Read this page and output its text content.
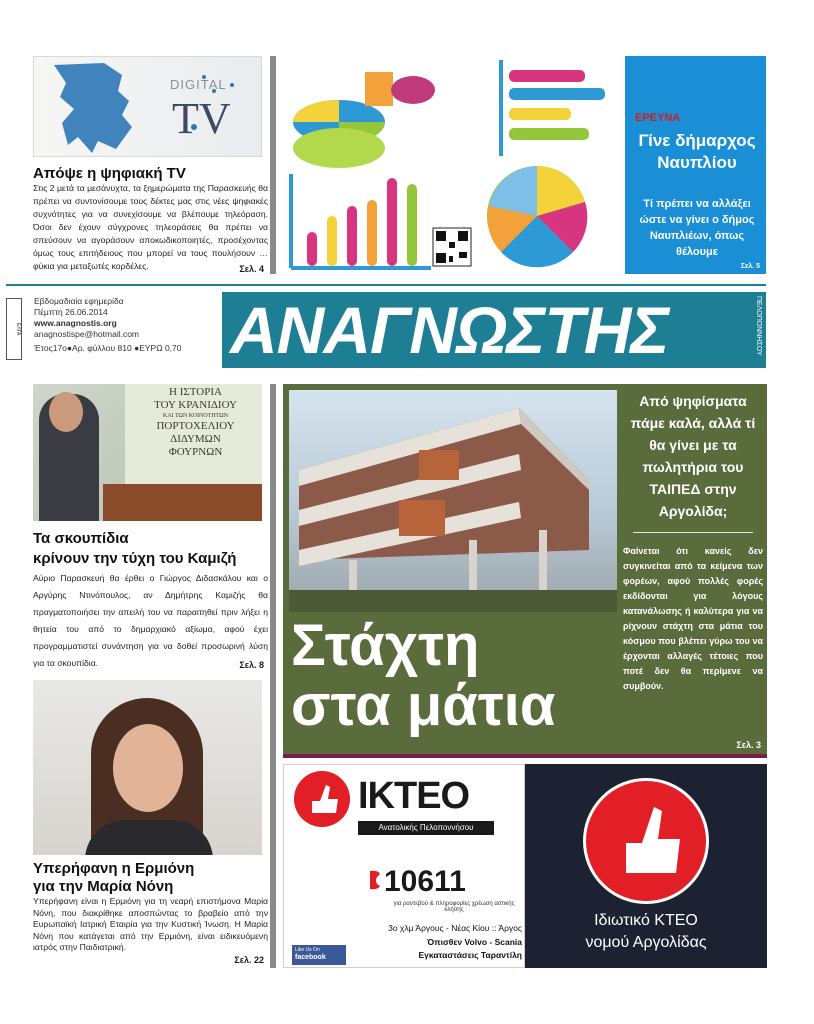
DIGITAL
TV
Απόψε η ψηφιακή TV
Στις 2 μετά τα μεσάνυχτα, τα ξημερώματα της Παρασκευής θα πρέπει να συντονίσουμε τους δέκτες μας στις νέες ψηφιακές συχνότητες για να συνεχίσουμε να βλέπουμε τηλεόραση. Όσοι δεν έχουν σύγχρονες τηλεοράσεις θα πρέπει να σπεύσουν να αγοράσουν αποκωδικοποιητές, προσέχοντας όμως τους επιτήδειους που μπορεί να τους πουλήσουν …φύκια για μεταξωτές κορδέλες.	Σελ. 4
ΕΡΕΥΝΑ
Γίνε δήμαρχος Ναυπλίου
Τί πρέπει να αλλάξει ώστε να γίνει ο δήμος Ναυπλιέων, όπως θέλουμε
Σελ. 5
ΕΛΤΑ
Εβδομαδιαία εφημερίδα
Πέμπτη 26.06.2014
www.anagnostis.org
anagnostispe@hotmail.com
Έτος17ο●Αρ. φύλλου 810 ●ΕΥΡΩ 0,70 ΑΝΑΓΝΩΣΤΗΣ	ΠΕΛΟΠΟΝΝΗΣΟΥ
Η ΙΣΤΟΡΙΑ
ΤΟΥ ΚΡΑΝΙΔΙΟΥ
ΚΑΙ ΤΩΝ ΚΟΙΝΟΤΗΤΩΝ
ΠΟΡΤΟΧΕΛΙΟΥ
ΔΙΔΥΜΩΝ
ΦΟΥΡΝΩΝ
Τα σκουπίδια
κρίνουν την τύχη του Καμιζή
Αύριο Παρασκευή θα έρθει ο Γιώργος Διδασκάλου και ο Αργύρης Ντινόπουλος, αν Δημήτρης Καμιζής θα πραγματοποιήσει την απειλή του να παραιτηθεί πριν λήξει η θητεία του από το δημαρχιακό αξίωμα, αφού έχει προγραμματιστεί συνάντηση για να δοθεί προσωρινή λύση για τα σκουπίδια.	Σελ. 8
Υπερήφανη η Ερμιόνη
για την Μαρία Νόνη
Υπερήφανη είναι η Ερμιόνη για τη νεαρή επιστήμονα Μαρία Νόνη, που διακρίθηκε αποσπώντας το βραβείο από την Ευρωπαϊκή Ιατρική Εταιρία για την Κυστική Ίνωση. Η Μαρία Νόνη που κατάγεται από την Ερμιόνη, είναι ειδικευόμενη ιατρός στην Παιδιατρική.
Σελ. 22
Στάχτη
στα μάτια
Από ψηφίσματα πάμε καλά, αλλά τί θα γίνει με τα πωλητήρια του ΤΑΙΠΕΔ στην Αργολίδα;
Φαίνεται ότι κανείς δεν συγκινείται από τα κείμενα των φορέων, αφού πολλές φορές εκδίδονται για λόγους κατανάλωσης ή καλύτερα για να ρίχνουν στάχτη στα μάτια του κόσμου που βλέπει γύρω του να έρχονται αλλαγές τέτοιες που ποτέ δεν θα περίμενε να συμβούν.
Σελ. 3
ΙΚΤΕΟ
Ανατολικής Πελοποννήσου
10611
για ραντεβού & πληροφορίες χρέωση αστικής κλήσης
3ο χλμ Άργους - Νέας Κίου :: Άργος
Όπισθεν Volvo - Scania
Εγκαταστάσεις Ταραντίλη
Like Us On
facebook
Ιδιωτικό ΚΤΕΟ
νομού Αργολίδας
